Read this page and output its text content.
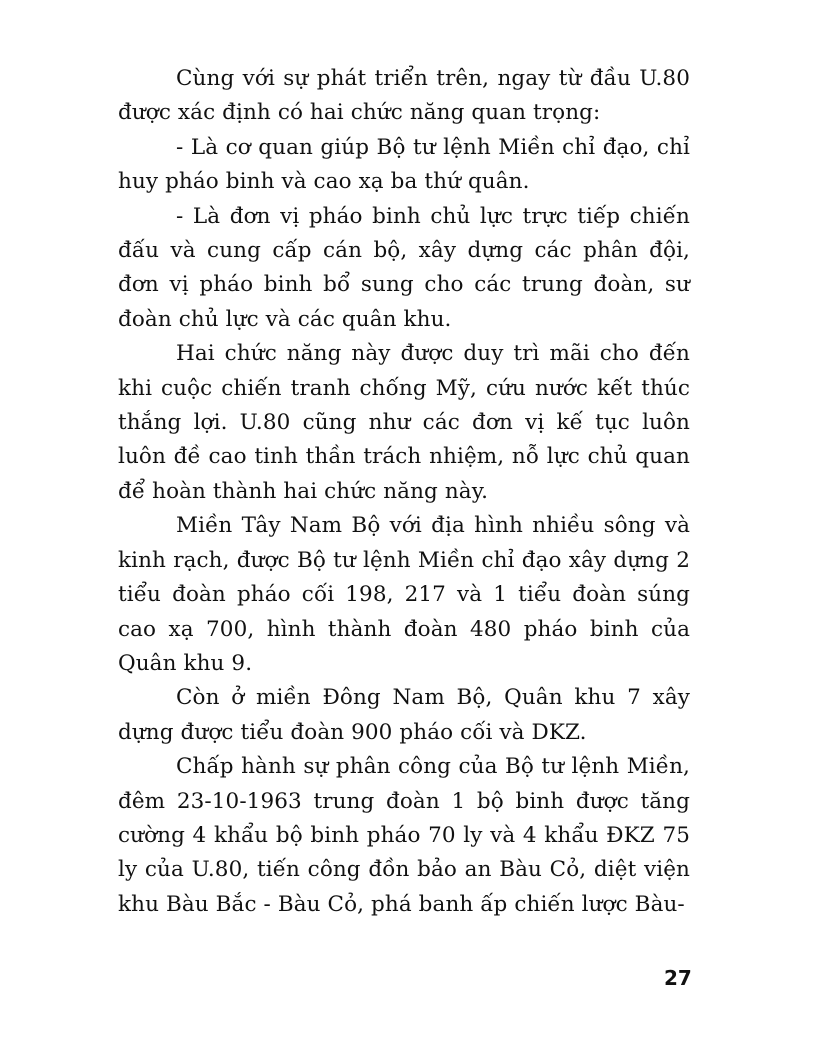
Cùng với sự phát triển trên, ngay từ đầu U.80 được xác định có hai chức năng quan trọng:

- Là cơ quan giúp Bộ tư lệnh Miền chỉ đạo, chỉ huy pháo binh và cao xạ ba thứ quân.

- Là đơn vị pháo binh chủ lực trực tiếp chiến đấu và cung cấp cán bộ, xây dựng các phân đội, đơn vị pháo binh bổ sung cho các trung đoàn, sư đoàn chủ lực và các quân khu.

Hai chức năng này được duy trì mãi cho đến khi cuộc chiến tranh chống Mỹ, cứu nước kết thúc thắng lợi. U.80 cũng như các đơn vị kế tục luôn luôn đề cao tinh thần trách nhiệm, nỗ lực chủ quan để hoàn thành hai chức năng này.

Miền Tây Nam Bộ với địa hình nhiều sông và kinh rạch, được Bộ tư lệnh Miền chỉ đạo xây dựng 2 tiểu đoàn pháo cối 198, 217 và 1 tiểu đoàn súng cao xạ 700, hình thành đoàn 480 pháo binh của Quân khu 9.

Còn ở miền Đông Nam Bộ, Quân khu 7 xây dựng được tiểu đoàn 900 pháo cối và DKZ.

Chấp hành sự phân công của Bộ tư lệnh Miền, đêm 23-10-1963 trung đoàn 1 bộ binh được tăng cường 4 khẩu bộ binh pháo 70 ly và 4 khẩu ĐKZ 75 ly của U.80, tiến công đồn bảo an Bàu Cỏ, diệt viện khu Bàu Bắc - Bàu Cỏ, phá banh ấp chiến lược Bàu-

27
